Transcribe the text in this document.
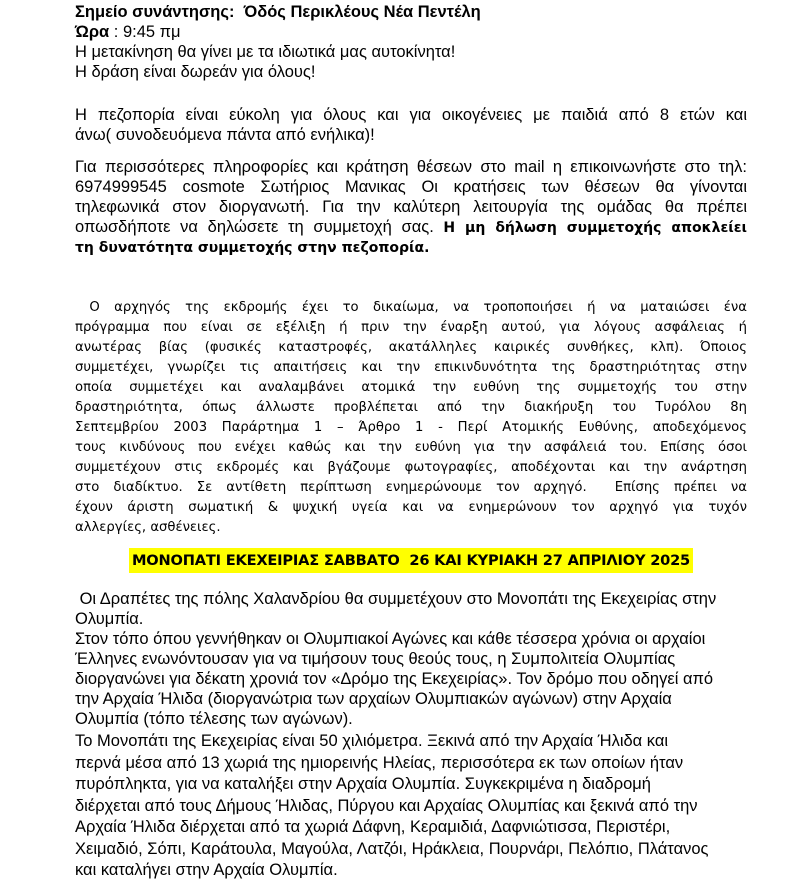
Σημείο συνάντησης:  Όδός Περικλέους Νέα Πεντέλη
Ώρα : 9:45 πμ
Η μετακίνηση θα γίνει με τα ιδιωτικά μας αυτοκίνητα!
Η δράση είναι δωρεάν για όλους!
Η πεζοπορία είναι εύκολη για όλους και για οικογένειες με παιδιά από 8 ετών και
άνω( συνοδευόμενα πάντα από ενήλικα)!
Για περισσότερες πληροφορίες και κράτηση θέσεων στο mail η επικοινωνήστε στο τηλ:
6974999545 cosmote Σωτήριος Μανικας Οι κρατήσεις των θέσεων θα γίνονται
τηλεφωνικά στον διοργανωτή. Για την καλύτερη λειτουργία της ομάδας θα πρέπει
οπωσδήποτε να δηλώσετε τη συμμετοχή σας. Η μη δήλωση συμμετοχής αποκλείει
τη δυνατότητα συμμετοχής στην πεζοπορία.
Ο αρχηγός της εκδρομής έχει το δικαίωμα, να τροποποιήσει ή να ματαιώσει ένα
πρόγραμμα που είναι σε εξέλιξη ή πριν την έναρξη αυτού, για λόγους ασφάλειας ή
ανωτέρας βίας (φυσικές καταστροφές, ακατάλληλες καιρικές συνθήκες, κλπ). Όποιος
συμμετέχει, γνωρίζει τις απαιτήσεις και την επικινδυνότητα της δραστηριότητας στην
οποία συμμετέχει και αναλαμβάνει ατομικά την ευθύνη της συμμετοχής του στην
δραστηριότητα, όπως άλλωστε προβλέπεται από την διακήρυξη του Τυρόλου 8η
Σεπτεμβρίου 2003 Παράρτημα 1 – Άρθρο 1 - Περί Ατομικής Ευθύνης, αποδεχόμενος
τους κινδύνους που ενέχει καθώς και την ευθύνη για την ασφάλειά του. Επίσης όσοι
συμμετέχουν στις εκδρομές και βγάζουμε φωτογραφίες, αποδέχονται και την ανάρτηση
στο διαδίκτυο. Σε αντίθετη περίπτωση ενημερώνουμε τον αρχηγό.  Επίσης πρέπει να
έχουν άριστη σωματική & ψυχική υγεία και να ενημερώνουν τον αρχηγό για τυχόν
αλλεργίες, ασθένειες.
ΜΟΝΟΠΑΤΙ ΕΚΕΧΕΙΡΙΑΣ ΣΑΒΒΑΤΟ  26 ΚΑΙ ΚΥΡΙΑΚΗ 27 ΑΠΡΙΛΙΟΥ 2025
Οι Δραπέτες της πόλης Χαλανδρίου θα συμμετέχουν στο Μονοπάτι της Εκεχειρίας στην
Ολυμπία.
Στον τόπο όπου γεννήθηκαν οι Ολυμπιακοί Αγώνες και κάθε τέσσερα χρόνια οι αρχαίοι
Έλληνες ενωνόντουσαν για να τιμήσουν τους θεούς τους, η Συμπολιτεία Ολυμπίας
διοργανώνει για δέκατη χρονιά τον «Δρόμο της Εκεχειρίας». Τον δρόμο που οδηγεί από
την Αρχαία Ήλιδα (διοργανώτρια των αρχαίων Ολυμπιακών αγώνων) στην Αρχαία
Ολυμπία (τόπο τέλεσης των αγώνων).
Το Μονοπάτι της Εκεχειρίας είναι 50 χιλιόμετρα. Ξεκινά από την Αρχαία Ήλιδα και
περνά μέσα από 13 χωριά της ημιορεινής Ηλείας, περισσότερα εκ των οποίων ήταν
πυρόπληκτα, για να καταλήξει στην Αρχαία Ολυμπία. Συγκεκριμένα η διαδρομή
διέρχεται από τους Δήμους Ήλιδας, Πύργου και Αρχαίας Ολυμπίας και ξεκινά από την
Αρχαία Ήλιδα διέρχεται από τα χωριά Δάφνη, Κεραμιδιά, Δαφνιώτισσα, Περιστέρι,
Χειμαδιό, Σόπι, Καράτουλα, Μαγούλα, Λατζόι, Ηράκλεια, Πουρνάρι, Πελόπιο, Πλάτανος
και καταλήγει στην Αρχαία Ολυμπία.
